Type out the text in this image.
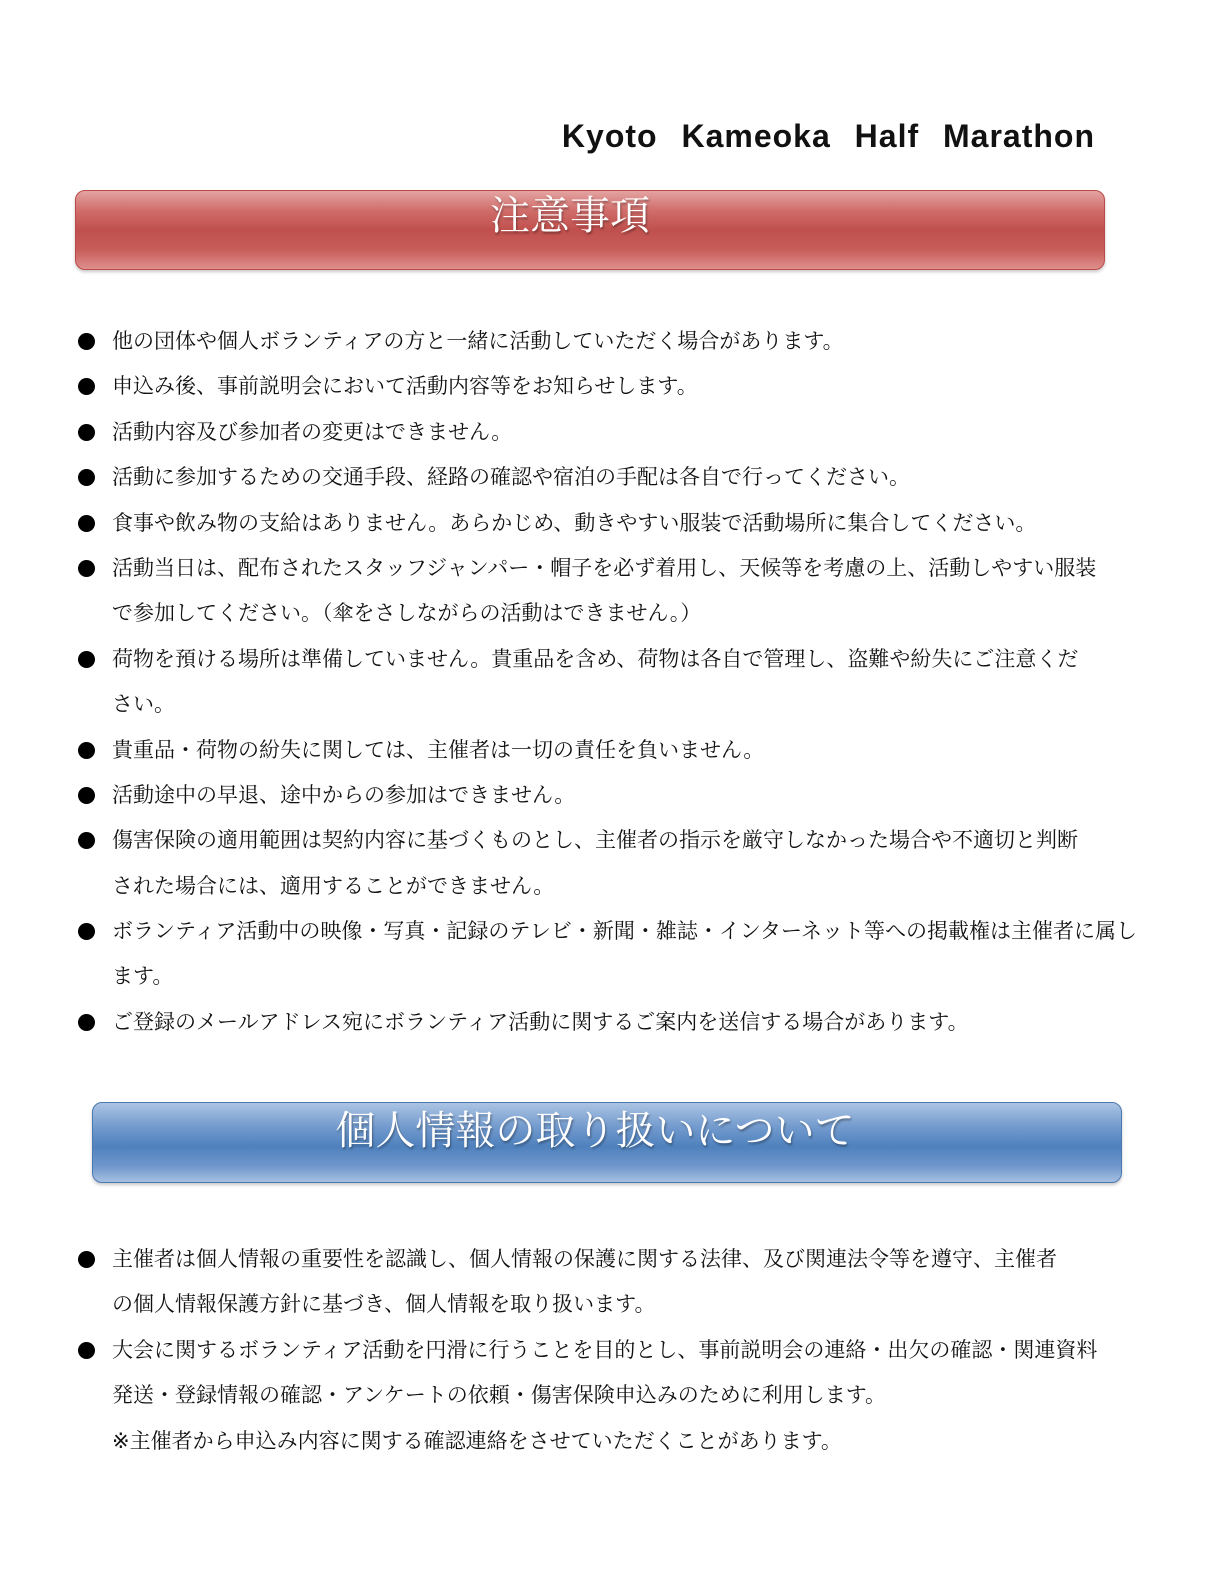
Kyoto Kameoka Half Marathon
注意事項
他の団体や個人ボランティアの方と一緒に活動していただく場合があります。
申込み後、事前説明会において活動内容等をお知らせします。
活動内容及び参加者の変更はできません。
活動に参加するための交通手段、経路の確認や宿泊の手配は各自で行ってください。
食事や飲み物の支給はありません。あらかじめ、動きやすい服装で活動場所に集合してください。
活動当日は、配布されたスタッフジャンパー・帽子を必ず着用し、天候等を考慮の上、活動しやすい服装
で参加してください。（傘をさしながらの活動はできません。）
荷物を預ける場所は準備していません。貴重品を含め、荷物は各自で管理し、盗難や紛失にご注意くだ
さい。
貴重品・荷物の紛失に関しては、主催者は一切の責任を負いません。
活動途中の早退、途中からの参加はできません。
傷害保険の適用範囲は契約内容に基づくものとし、主催者の指示を厳守しなかった場合や不適切と判断
された場合には、適用することができません。
ボランティア活動中の映像・写真・記録のテレビ・新聞・雑誌・インターネット等への掲載権は主催者に属し
ます。
ご登録のメールアドレス宛にボランティア活動に関するご案内を送信する場合があります。
個人情報の取り扱いについて
主催者は個人情報の重要性を認識し、個人情報の保護に関する法律、及び関連法令等を遵守、主催者
の個人情報保護方針に基づき、個人情報を取り扱います。
大会に関するボランティア活動を円滑に行うことを目的とし、事前説明会の連絡・出欠の確認・関連資料
発送・登録情報の確認・アンケートの依頼・傷害保険申込みのために利用します。
※主催者から申込み内容に関する確認連絡をさせていただくことがあります。
